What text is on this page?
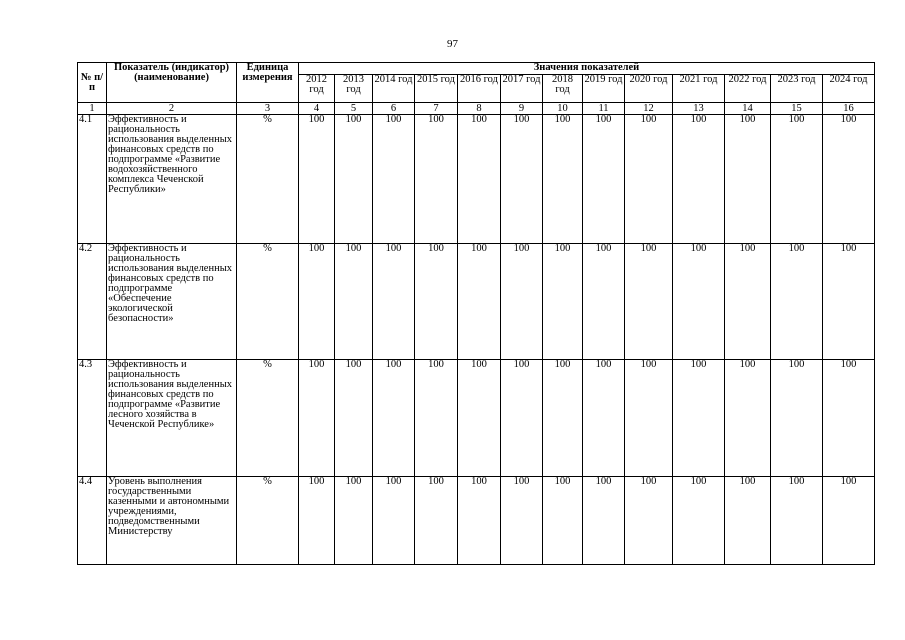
97
№ п/п	Показатель (индикатор) (наименование)	Единица измерения	Значения показателей												
			2012 год	2013 год	2014 год	2015 год	2016 год	2017 год	2018 год	2019 год	2020 год	2021 год	2022 год	2023 год	2024 год
1	2	3	4	5	6	7	8	9	10	11	12	13	14	15	16
4.1	Эффективность и рациональность использования выделенных финансовых средств по подпрограмме «Развитие водохозяйственного комплекса Чеченской Республики»	%	100	100	100	100	100	100	100	100	100	100	100	100	100
4.2	Эффективность и рациональность использования выделенных финансовых средств по подпрограмме «Обеспечение экологической безопасности»	%	100	100	100	100	100	100	100	100	100	100	100	100	100
4.3	Эффективность и рациональность использования выделенных финансовых средств по подпрограмме «Развитие лесного хозяйства в Чеченской Республике»	%	100	100	100	100	100	100	100	100	100	100	100	100	100
4.4	Уровень выполнения государственными казенными и автономными учреждениями, подведомственными Министерству	%	100	100	100	100	100	100	100	100	100	100	100	100	100
